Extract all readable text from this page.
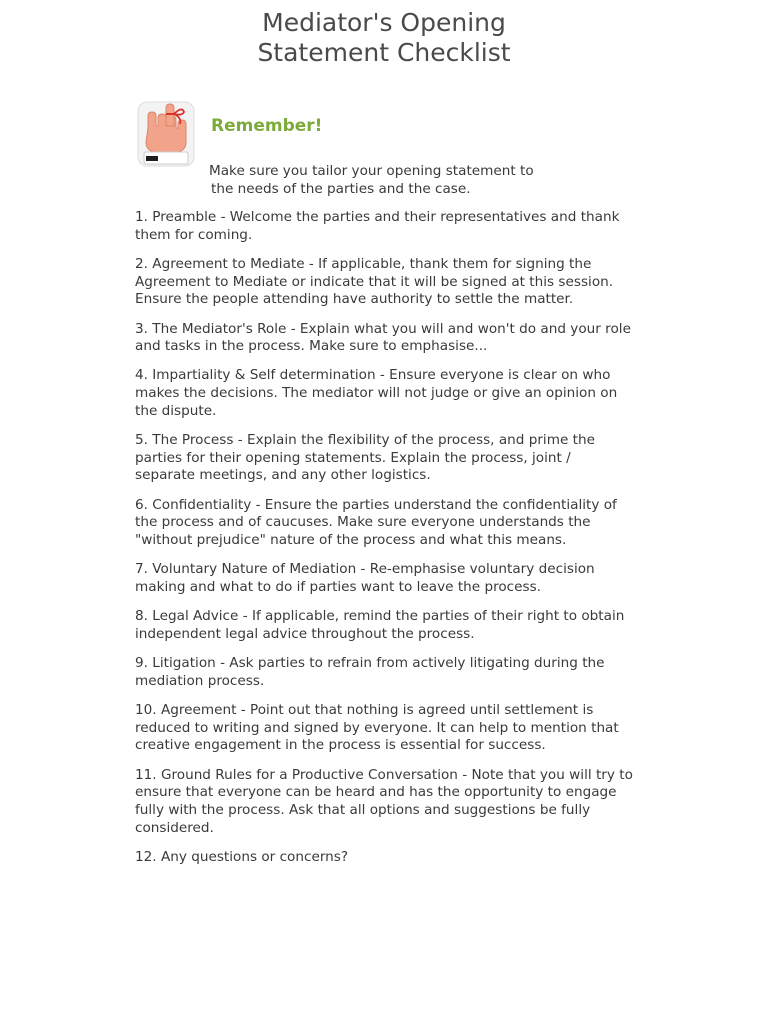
Mediator's Opening
Statement Checklist
Remember!
Make sure you tailor your opening statement to
the needs of the parties and the case.
1. Preamble - Welcome the parties and their representatives and thank them for coming.
2. Agreement to Mediate - If applicable, thank them for signing the Agreement to Mediate or indicate that it will be signed at this session. Ensure the people attending have authority to settle the matter.
3. The Mediator's Role - Explain what you will and won't do and your role and tasks in the process. Make sure to emphasise...
4. Impartiality & Self determination - Ensure everyone is clear on who makes the decisions. The mediator will not judge or give an opinion on the dispute.
5. The Process - Explain the flexibility of the process, and prime the parties for their opening statements. Explain the process, joint / separate meetings, and any other logistics.
6. Confidentiality - Ensure the parties understand the confidentiality of the process and of caucuses. Make sure everyone understands the "without prejudice" nature of the process and what this means.
7. Voluntary Nature of Mediation - Re-emphasise voluntary decision making and what to do if parties want to leave the process.
8. Legal Advice - If applicable, remind the parties of their right to obtain independent legal advice throughout the process.
9. Litigation - Ask parties to refrain from actively litigating during the mediation process.
10. Agreement - Point out that nothing is agreed until settlement is reduced to writing and signed by everyone. It can help to mention that creative engagement in the process is essential for success.
11. Ground Rules for a Productive Conversation - Note that you will try to ensure that everyone can be heard and has the opportunity to engage fully with the process. Ask that all options and suggestions be fully considered.
12. Any questions or concerns?
